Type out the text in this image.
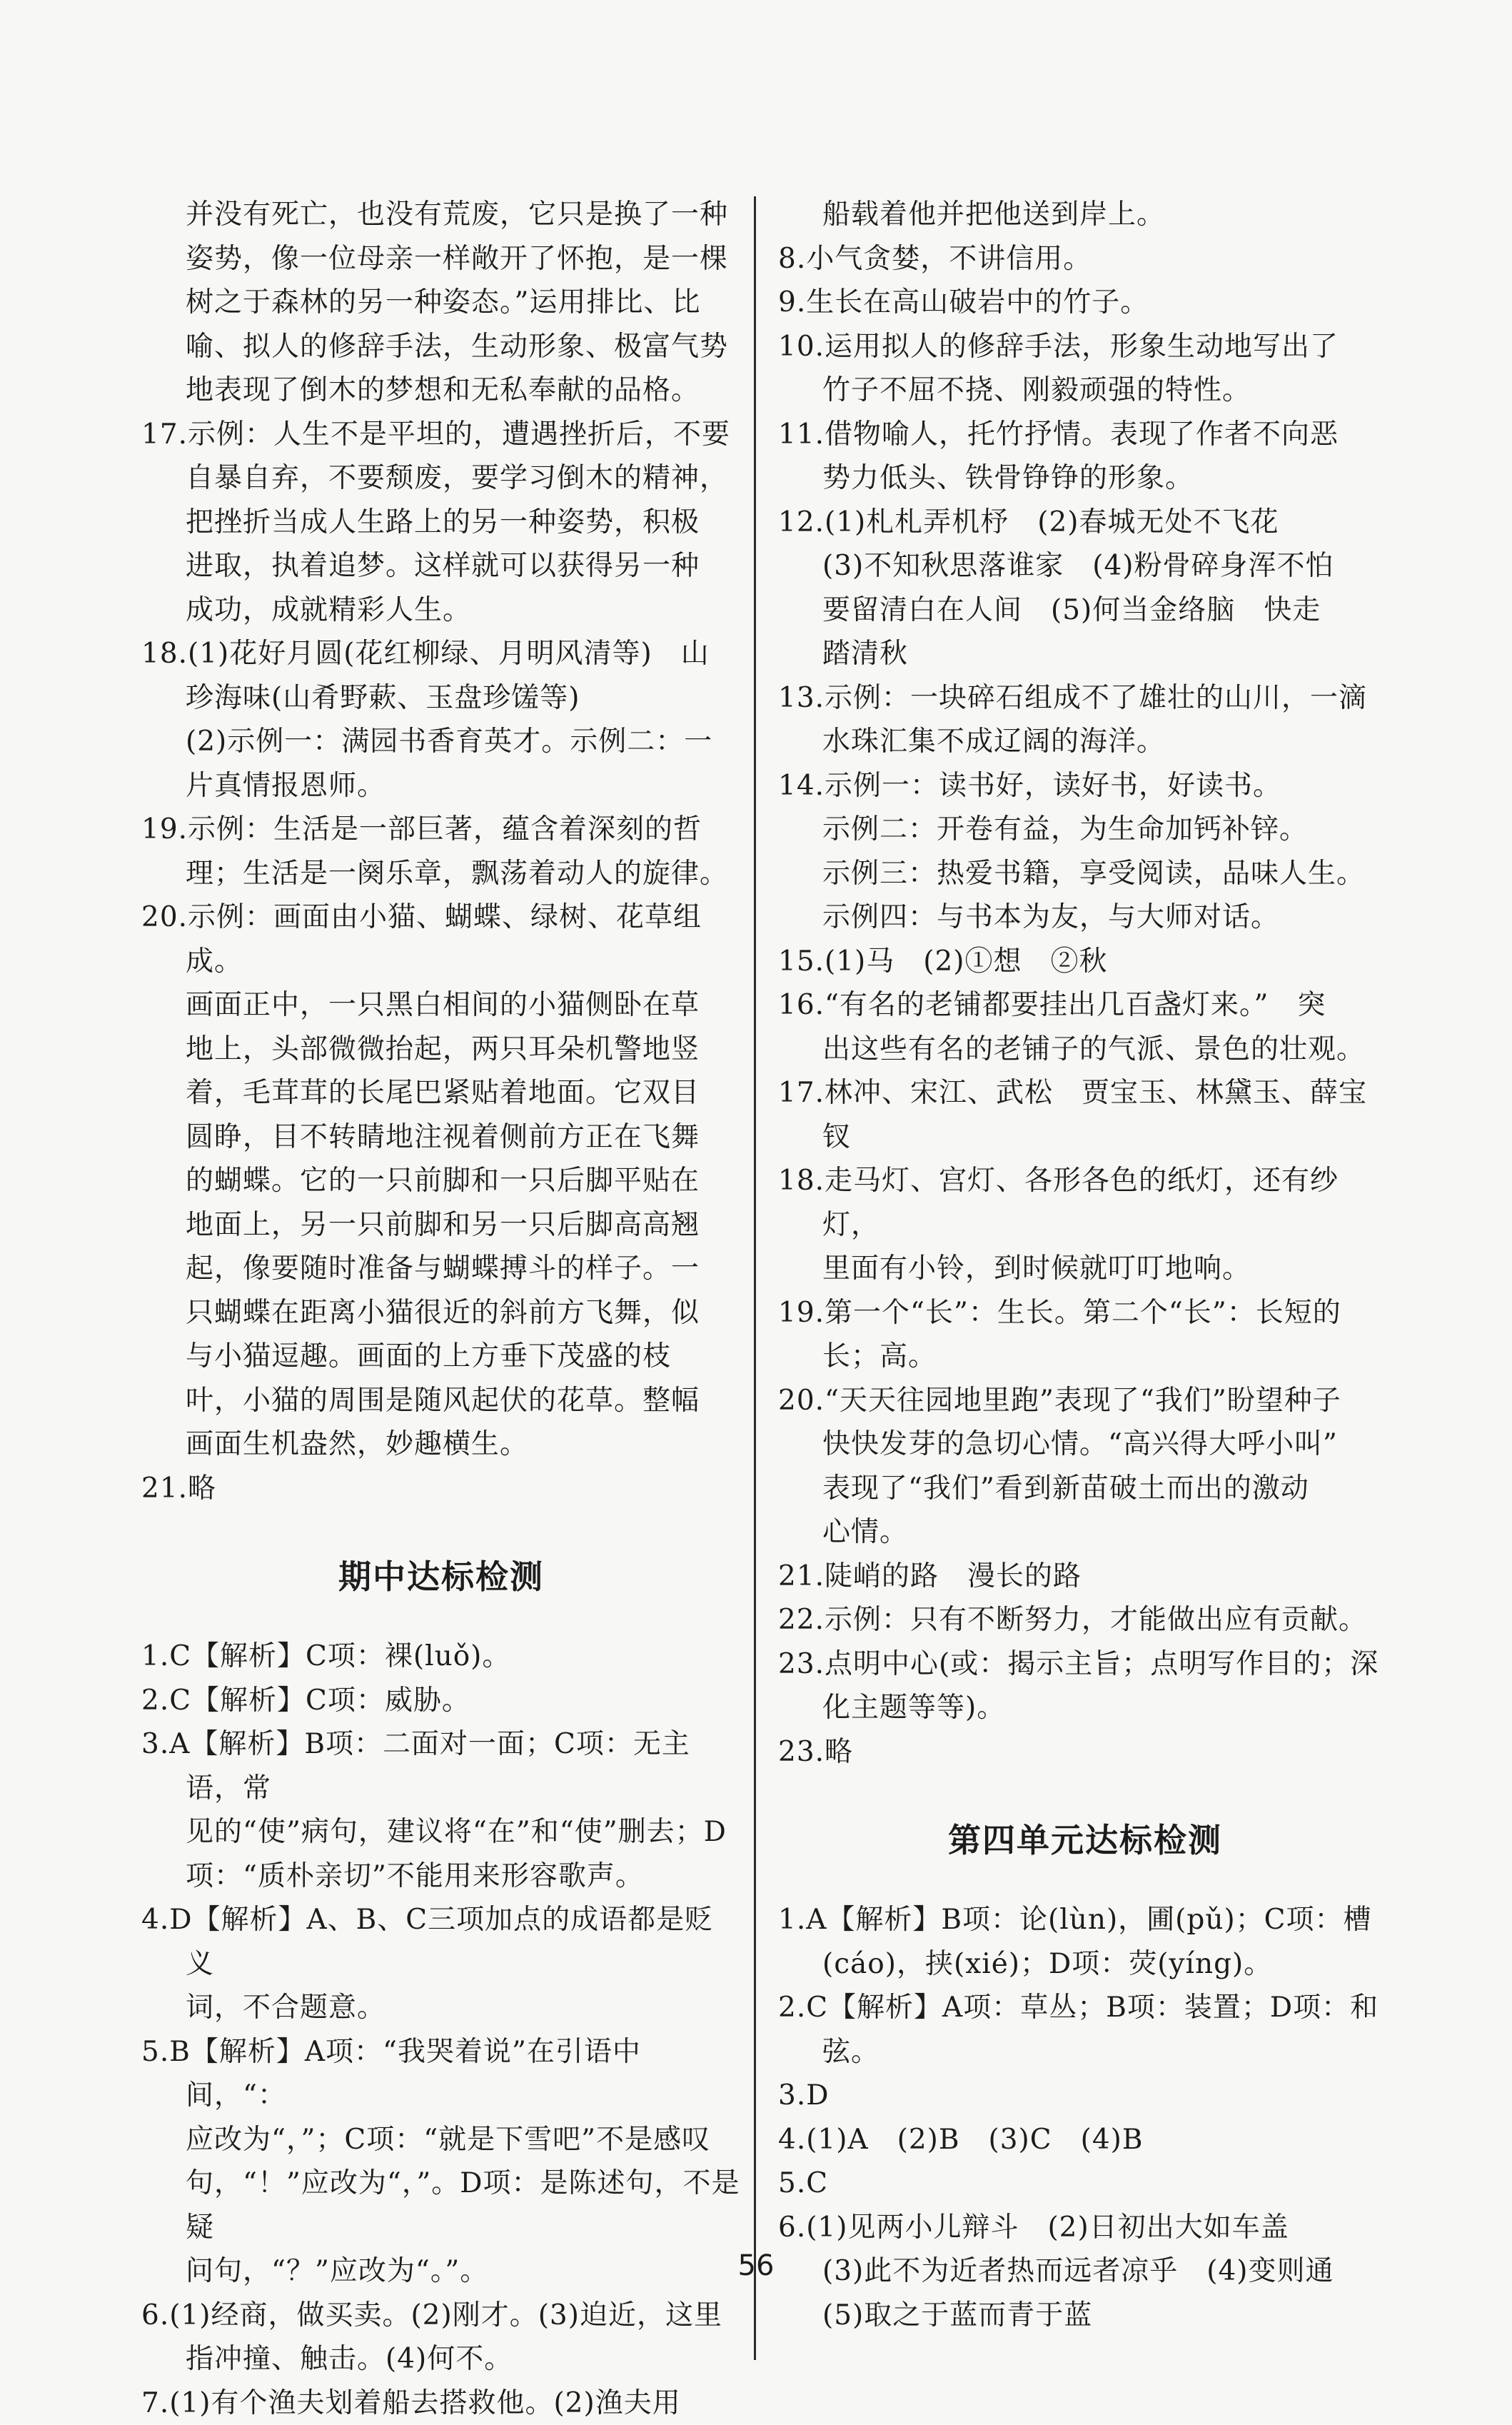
并没有死亡，也没有荒废，它只是换了一种
姿势，像一位母亲一样敞开了怀抱，是一棵
树之于森林的另一种姿态。”运用排比、比
喻、拟人的修辞手法，生动形象、极富气势
地表现了倒木的梦想和无私奉献的品格。
17.示例：人生不是平坦的，遭遇挫折后，不要
自暴自弃，不要颓废，要学习倒木的精神，
把挫折当成人生路上的另一种姿势，积极
进取，执着追梦。这样就可以获得另一种
成功，成就精彩人生。
18.(1)花好月圆(花红柳绿、月明风清等)　山
珍海味(山肴野蔌、玉盘珍馐等)
(2)示例一：满园书香育英才。示例二：一
片真情报恩师。
19.示例：生活是一部巨著，蕴含着深刻的哲
理；生活是一阕乐章，飘荡着动人的旋律。
20.示例：画面由小猫、蝴蝶、绿树、花草组成。
画面正中，一只黑白相间的小猫侧卧在草
地上，头部微微抬起，两只耳朵机警地竖
着，毛茸茸的长尾巴紧贴着地面。它双目
圆睁，目不转睛地注视着侧前方正在飞舞
的蝴蝶。它的一只前脚和一只后脚平贴在
地面上，另一只前脚和另一只后脚高高翘
起，像要随时准备与蝴蝶搏斗的样子。一
只蝴蝶在距离小猫很近的斜前方飞舞，似
与小猫逗趣。画面的上方垂下茂盛的枝
叶，小猫的周围是随风起伏的花草。整幅
画面生机盎然，妙趣横生。
21.略
期中达标检测
1.C【解析】C项：裸(luǒ)。
2.C【解析】C项：威胁。
3.A【解析】B项：二面对一面；C项：无主语，常
见的“使”病句，建议将“在”和“使”删去；D
项：“质朴亲切”不能用来形容歌声。
4.D【解析】A、B、C三项加点的成语都是贬义
词，不合题意。
5.B【解析】A项：“我哭着说”在引语中间，“：
应改为“，”；C项：“就是下雪吧”不是感叹
句，“！”应改为“，”。D项：是陈述句，不是疑
问句，“？”应改为“。”。
6.(1)经商，做买卖。(2)刚才。(3)迫近，这里
指冲撞、触击。(4)何不。
7.(1)有个渔夫划着船去搭救他。(2)渔夫用
船载着他并把他送到岸上。
8.小气贪婪，不讲信用。
9.生长在高山破岩中的竹子。
10.运用拟人的修辞手法，形象生动地写出了
竹子不屈不挠、刚毅顽强的特性。
11.借物喻人，托竹抒情。表现了作者不向恶
势力低头、铁骨铮铮的形象。
12.(1)札札弄机杼　(2)春城无处不飞花
(3)不知秋思落谁家　(4)粉骨碎身浑不怕
要留清白在人间　(5)何当金络脑　快走
踏清秋
13.示例：一块碎石组成不了雄壮的山川，一滴
水珠汇集不成辽阔的海洋。
14.示例一：读书好，读好书，好读书。
示例二：开卷有益，为生命加钙补锌。
示例三：热爱书籍，享受阅读，品味人生。
示例四：与书本为友，与大师对话。
15.(1)马　(2)①想　②秋
16.“有名的老铺都要挂出几百盏灯来。”　突
出这些有名的老铺子的气派、景色的壮观。
17.林冲、宋江、武松　贾宝玉、林黛玉、薛宝钗
18.走马灯、宫灯、各形各色的纸灯，还有纱灯，
里面有小铃，到时候就叮叮地响。
19.第一个“长”：生长。第二个“长”：长短的
长；高。
20.“天天往园地里跑”表现了“我们”盼望种子
快快发芽的急切心情。“高兴得大呼小叫”
表现了“我们”看到新苗破土而出的激动
心情。
21.陡峭的路　漫长的路
22.示例：只有不断努力，才能做出应有贡献。
23.点明中心(或：揭示主旨；点明写作目的；深
化主题等等)。
23.略
第四单元达标检测
1.A【解析】B项：论(lùn)，圃(pǔ)；C项：槽
(cáo)，挟(xié)；D项：荧(yíng)。
2.C【解析】A项：草丛；B项：装置；D项：和弦。
3.D
4.(1)A　(2)B　(3)C　(4)B
5.C
6.(1)见两小儿辩斗　(2)日初出大如车盖
(3)此不为近者热而远者凉乎　(4)变则通
(5)取之于蓝而青于蓝
56
